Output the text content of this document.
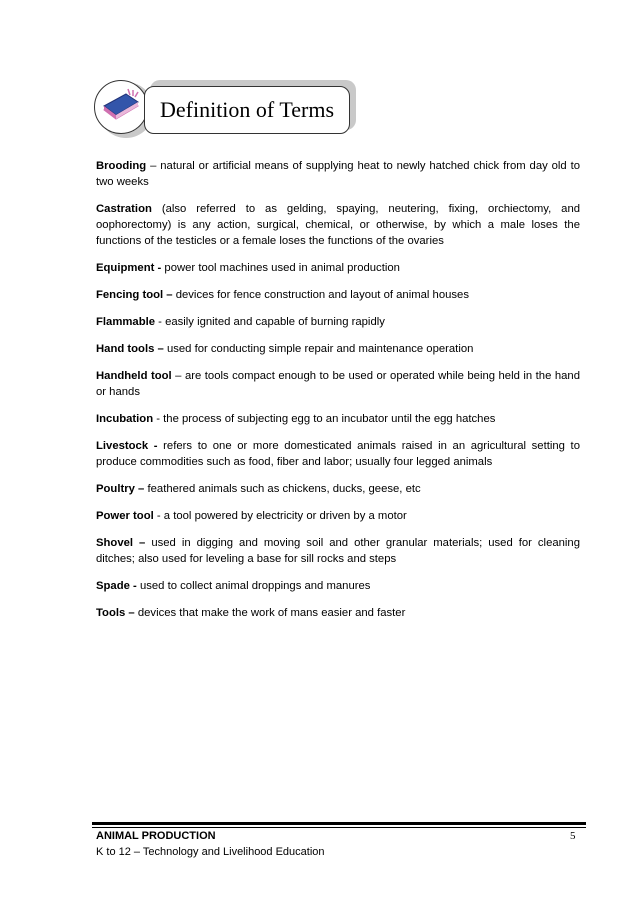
Definition of Terms

Brooding – natural or artificial means of supplying heat to newly hatched chick from day old to two weeks

Castration (also referred to as gelding, spaying, neutering, fixing, orchiectomy, and oophorectomy) is any action, surgical, chemical, or otherwise, by which a male loses the functions of the testicles or a female loses the functions of the ovaries

Equipment - power tool machines used in animal production

Fencing tool – devices for fence construction and layout of animal houses

Flammable - easily ignited and capable of burning rapidly

Hand tools – used for conducting simple repair and maintenance operation

Handheld tool – are tools compact enough to be used or operated while being held in the hand or hands

Incubation - the process of subjecting egg to an incubator until the egg hatches

Livestock - refers to one or more domesticated animals raised in an agricultural setting to produce commodities such as food, fiber and labor; usually four legged animals

Poultry – feathered animals such as chickens, ducks, geese, etc

Power tool - a tool powered by electricity or driven by a motor

Shovel – used in digging and moving soil and other granular materials; used for cleaning ditches; also used for leveling a base for sill rocks and steps

Spade - used to collect animal droppings and manures

Tools – devices that make the work of mans easier and faster

ANIMAL PRODUCTION
K to 12 – Technology and Livelihood Education
5
